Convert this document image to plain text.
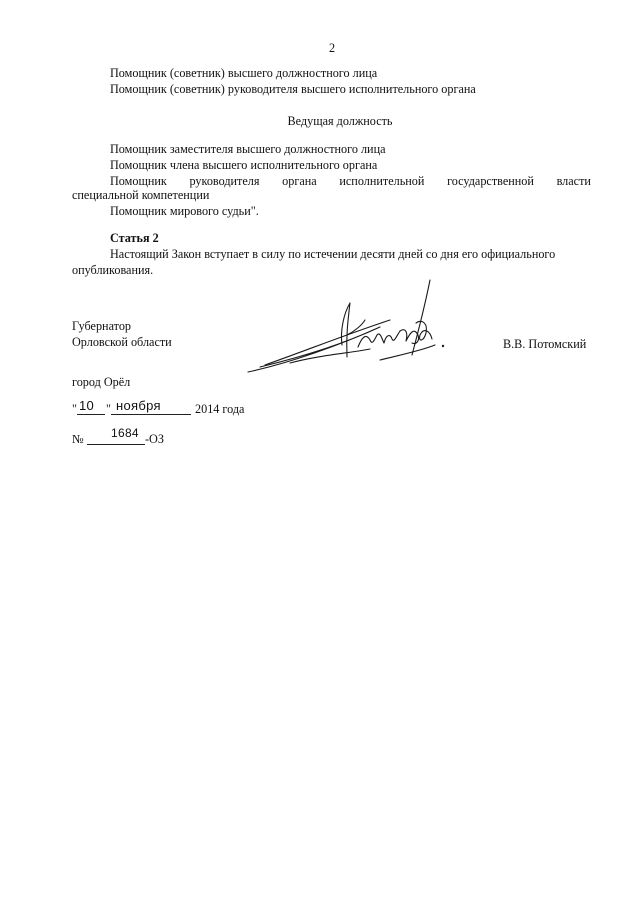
2
Помощник (советник) высшего должностного лица
Помощник (советник) руководителя высшего исполнительного органа
Ведущая должность
Помощник заместителя высшего должностного лица
Помощник члена высшего исполнительного органа
Помощник руководителя органа исполнительной государственной власти
специальной компетенции
Помощник мирового судьи".
Статья 2
Настоящий Закон вступает в силу по истечении десяти дней со дня его официального
опубликования.
Губернатор
Орловской области	В.В. Потомский
город Орёл
" 10 " ноября	2014 года
№ 1684 -ОЗ
